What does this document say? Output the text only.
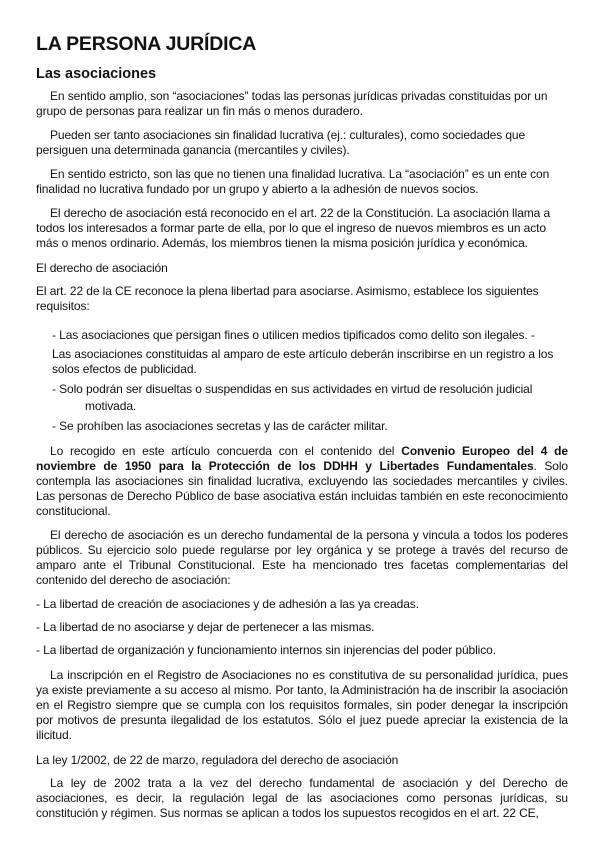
LA PERSONA JURÍDICA
Las asociaciones

En sentido amplio, son “asociaciones” todas las personas jurídicas privadas constituidas por un grupo de personas para realizar un fin más o menos duradero.

Pueden ser tanto asociaciones sin finalidad lucrativa (ej.: culturales), como sociedades que persiguen una determinada ganancia (mercantiles y civiles).

En sentido estricto, son las que no tienen una finalidad lucrativa. La “asociación” es un ente con finalidad no lucrativa fundado por un grupo y abierto a la adhesión de nuevos socios.

El derecho de asociación está reconocido en el art. 22 de la Constitución. La asociación llama a todos los interesados a formar parte de ella, por lo que el ingreso de nuevos miembros es un acto más o menos ordinario. Además, los miembros tienen la misma posición jurídica y económica.

El derecho de asociación

El art. 22 de la CE reconoce la plena libertad para asociarse. Asimismo, establece los siguientes requisitos:

- Las asociaciones que persigan fines o utilicen medios tipificados como delito son ilegales. -

Las asociaciones constituidas al amparo de este artículo deberán inscribirse en un registro a los solos efectos de publicidad.

- Solo podrán ser disueltas o suspendidas en sus actividades en virtud de resolución judicial
motivada.

- Se prohíben las asociaciones secretas y las de carácter militar.

Lo recogido en este artículo concuerda con el contenido del Convenio Europeo del 4 de noviembre de 1950 para la Protección de los DDHH y Libertades Fundamentales. Solo contempla las asociaciones sin finalidad lucrativa, excluyendo las sociedades mercantiles y civiles. Las personas de Derecho Público de base asociativa están incluidas también en este reconocimiento constitucional.

El derecho de asociación es un derecho fundamental de la persona y vincula a todos los poderes públicos. Su ejercicio solo puede regularse por ley orgánica y se protege a través del recurso de amparo ante el Tribunal Constitucional. Este ha mencionado tres facetas complementarias del contenido del derecho de asociación:

- La libertad de creación de asociaciones y de adhesión a las ya creadas.

- La libertad de no asociarse y dejar de pertenecer a las mismas.

- La libertad de organización y funcionamiento internos sin injerencias del poder público.

La inscripción en el Registro de Asociaciones no es constitutiva de su personalidad jurídica, pues ya existe previamente a su acceso al mismo. Por tanto, la Administración ha de inscribir la asociación en el Registro siempre que se cumpla con los requisitos formales, sin poder denegar la inscripción por motivos de presunta ilegalidad de los estatutos. Sólo el juez puede apreciar la existencia de la ilicitud.

La ley 1/2002, de 22 de marzo, reguladora del derecho de asociación

La ley de 2002 trata a la vez del derecho fundamental de asociación y del Derecho de asociaciones, es decir, la regulación legal de las asociaciones como personas jurídicas, su constitución y régimen. Sus normas se aplican a todos los supuestos recogidos en el art. 22 CE,
